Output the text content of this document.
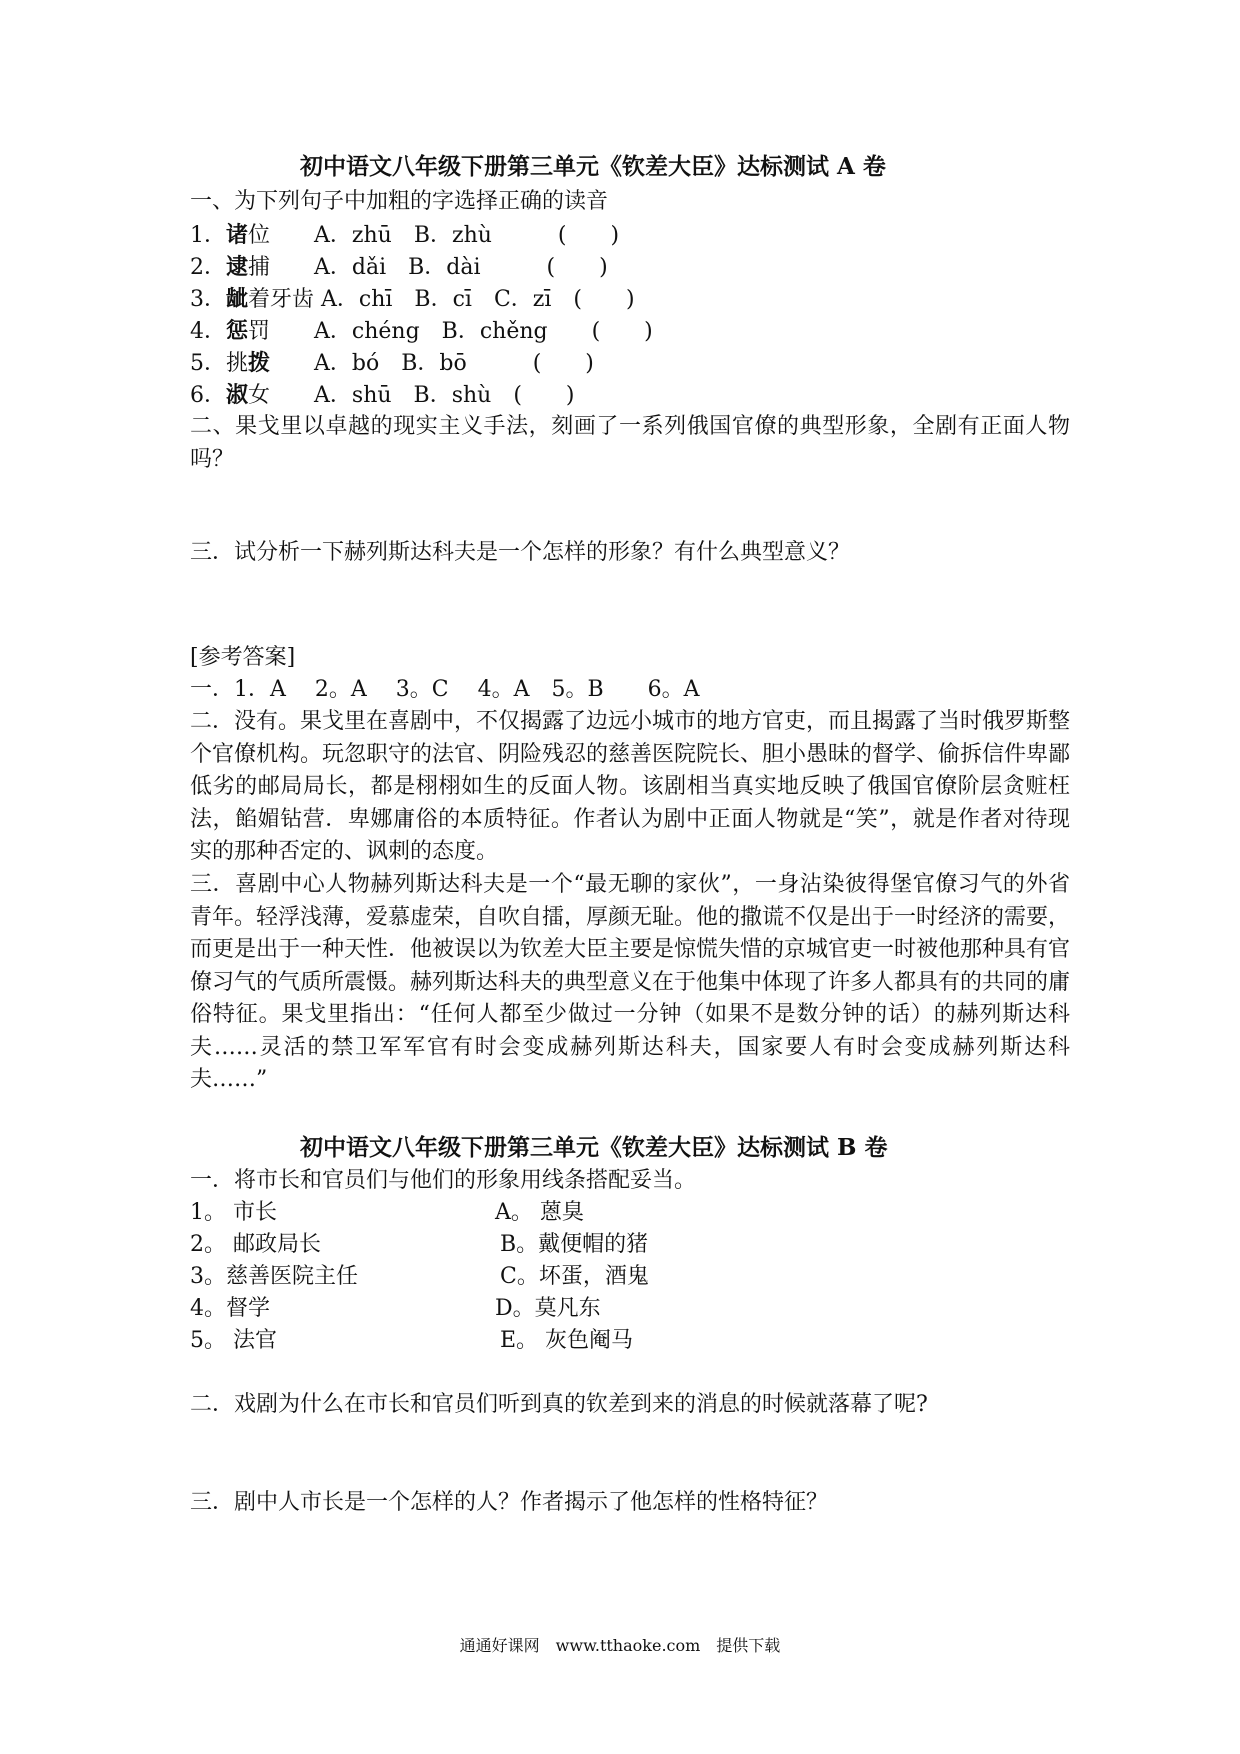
初中语文八年级下册第三单元《钦差大臣》达标测试 A 卷
一、为下列句子中加粗的字选择正确的读音
1．诸位　　A．zhū　B．zhù　　　(　　)
2．逮捕　　A．dǎi　B．dài　　　(　　)
3．龇着牙齿 A．chī　B．cī　C．zī　(　　)
4．惩罚　　A．chéng　B．chěng　　(　　)
5．挑拨　　A．bó　B．bō　　　(　　)
6．淑女　　A．shū　B．shù　(　　)
二、果戈里以卓越的现实主义手法，刻画了一系列俄国官僚的典型形象，全剧有正面人物吗？
三．试分析一下赫列斯达科夫是一个怎样的形象？有什么典型意义？
[参考答案]
一．1．A　 2。A　 3。C　 4。A　5。B　　6。A
二．没有。果戈里在喜剧中，不仅揭露了边远小城市的地方官吏，而且揭露了当时俄罗斯整个官僚机构。玩忽职守的法官、阴险残忍的慈善医院院长、胆小愚昧的督学、偷拆信件卑鄙低劣的邮局局长，都是栩栩如生的反面人物。该剧相当真实地反映了俄国官僚阶层贪赃枉法，餡媚钻营．卑娜庸俗的本质特征。作者认为剧中正面人物就是“笑”，就是作者对待现实的那种否定的、讽刺的态度。
三．喜剧中心人物赫列斯达科夫是一个“最无聊的家伙”，一身沾染彼得堡官僚习气的外省青年。轻浮浅薄，爱慕虚荣，自吹自擂，厚颜无耻。他的撒谎不仅是出于一时经济的需要，而更是出于一种天性．他被误以为钦差大臣主要是惊慌失惜的京城官吏一时被他那种具有官僚习气的气质所震慑。赫列斯达科夫的典型意义在于他集中体现了许多人都具有的共同的庸俗特征。果戈里指出：“任何人都至少做过一分钟（如果不是数分钟的话）的赫列斯达科夫……灵活的禁卫军军官有时会变成赫列斯达科夫，国家要人有时会变成赫列斯达科夫……”
初中语文八年级下册第三单元《钦差大臣》达标测试 B 卷
一．将市长和官员们与他们的形象用线条搭配妥当。
1。 市长	A。 蒽臭
2。 邮政局长	B。戴便帽的猪
3。慈善医院主任	C。坏蛋，酒鬼
4。督学	D。莫凡东
5。 法官	E。 灰色阉马
二．戏剧为什么在市长和官员们听到真的钦差到来的消息的时候就落幕了呢?
三．剧中人市长是一个怎样的人？作者揭示了他怎样的性格特征？
通通好课网　www.tthaoke.com　提供下载
